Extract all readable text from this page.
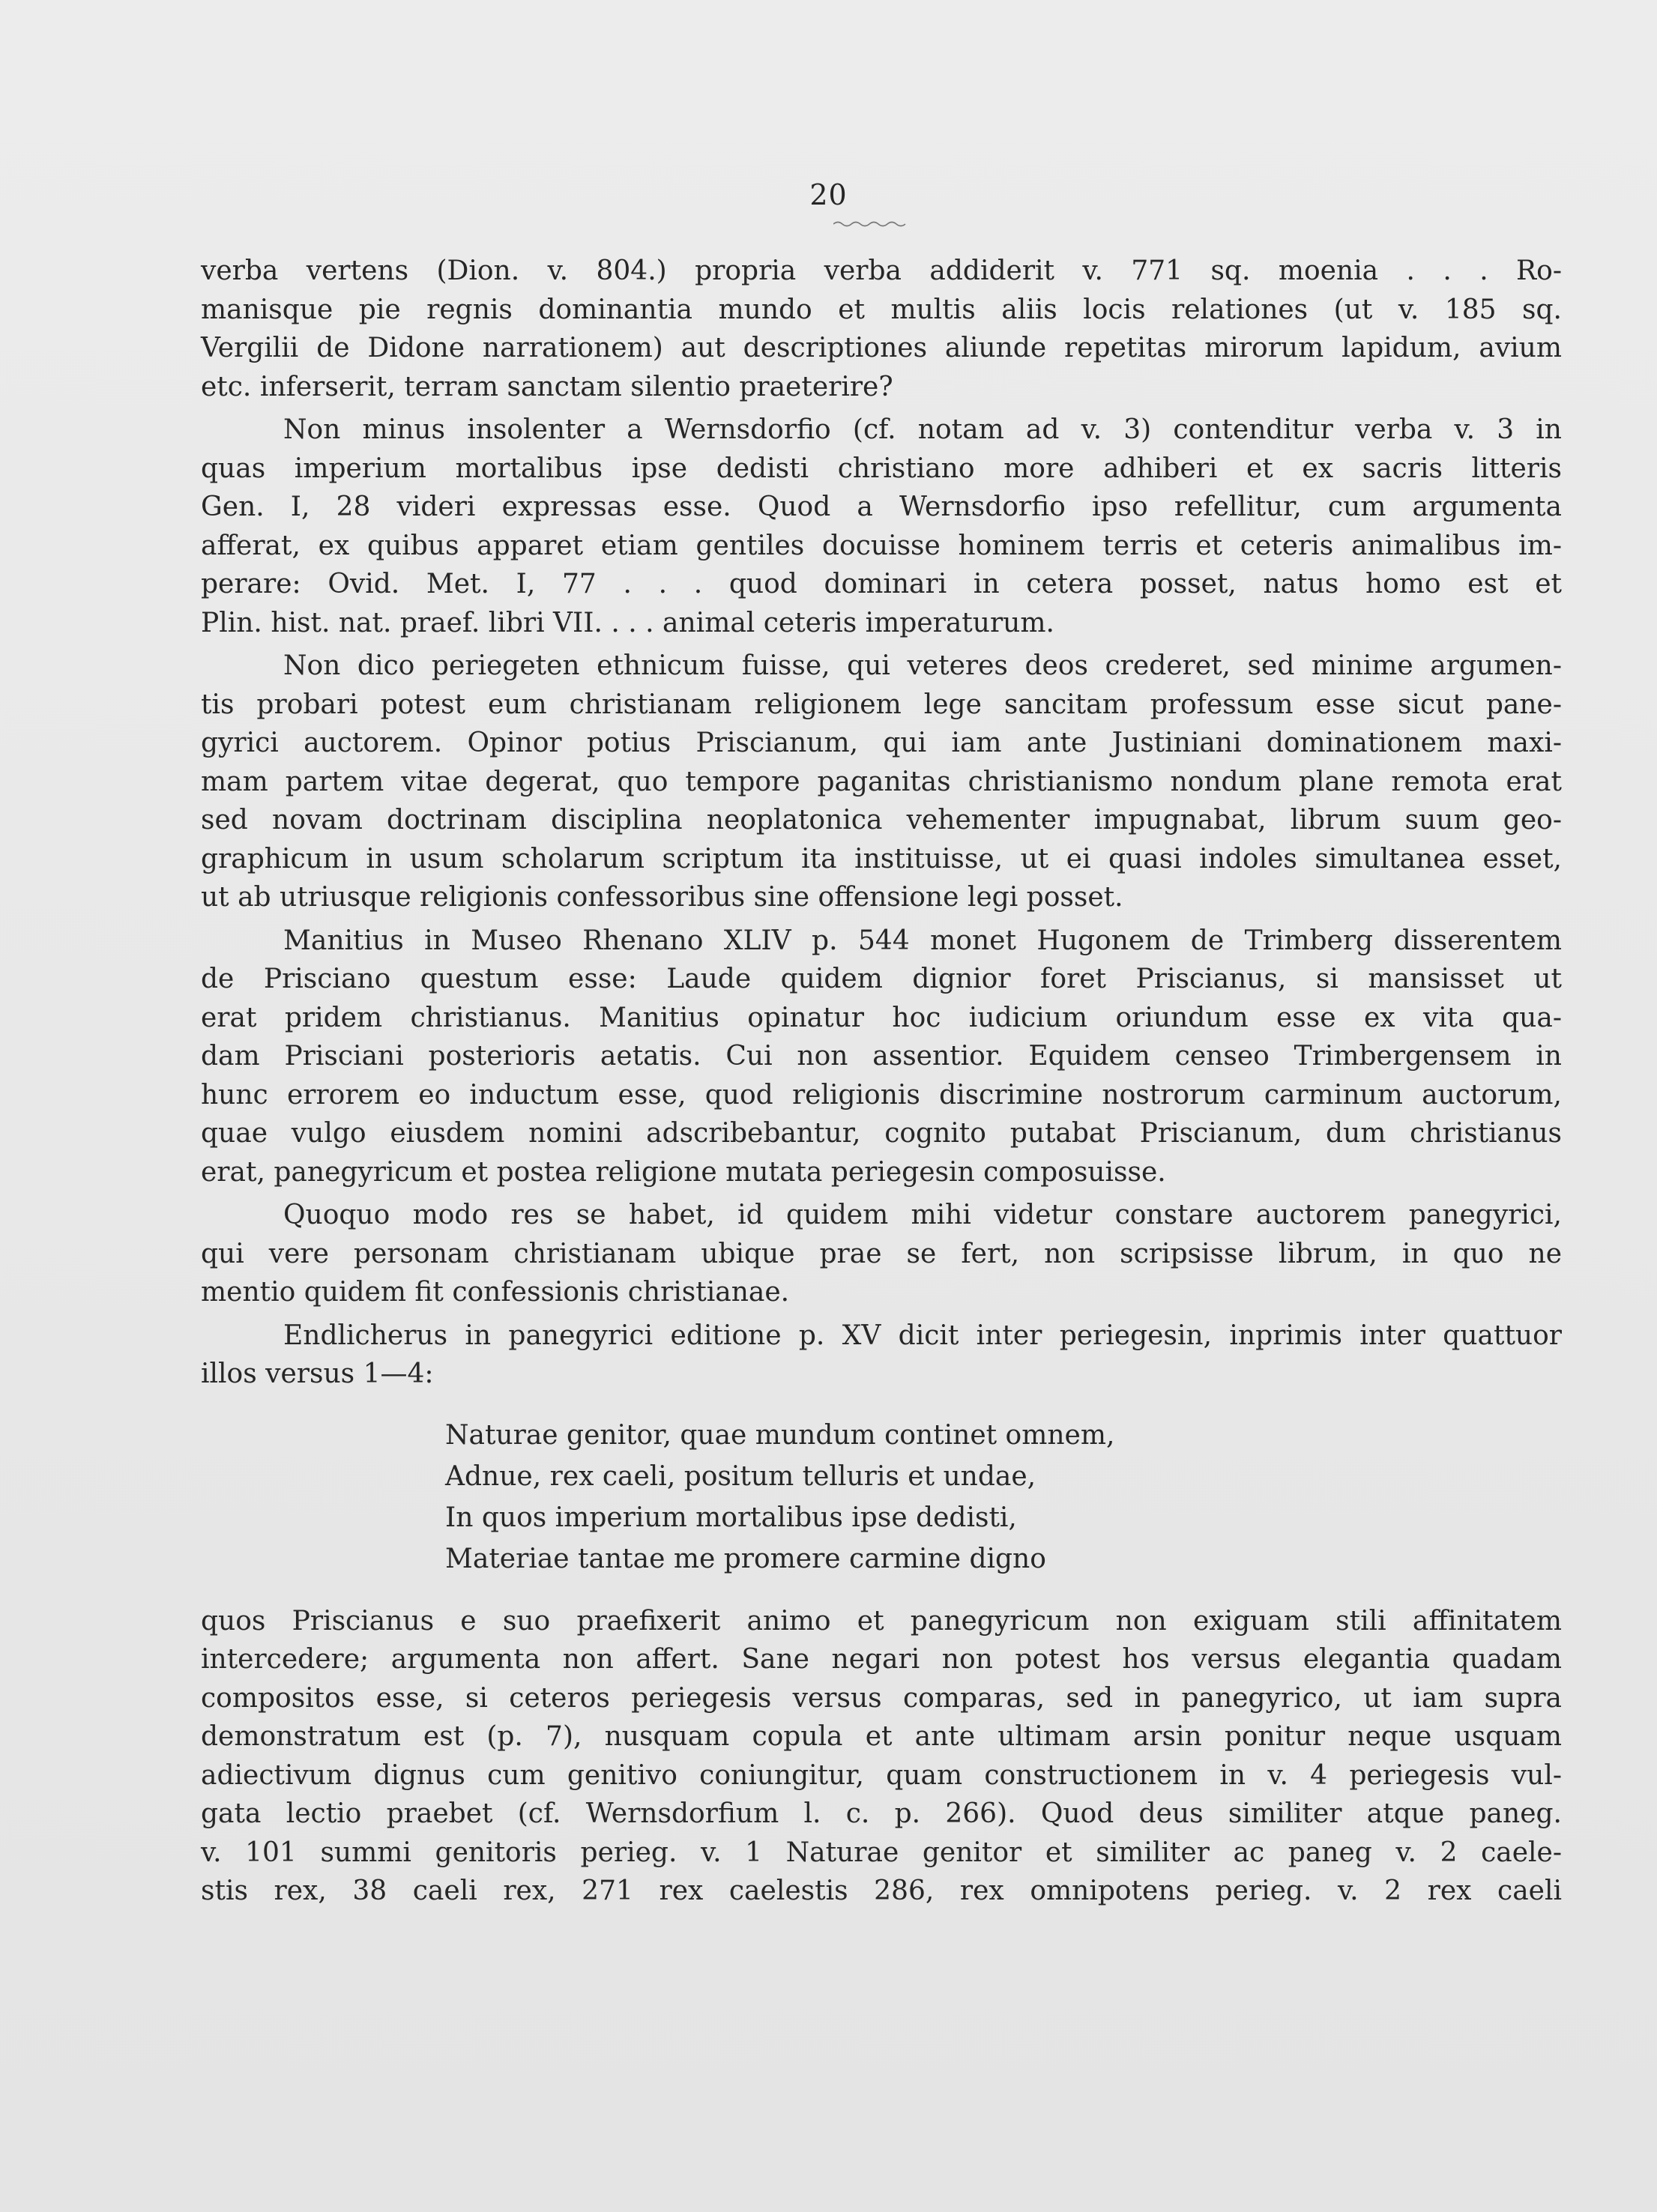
20
verba vertens (Dion. v. 804.) propria verba addiderit v. 771 sq. moenia . . . Ro-
manisque pie regnis dominantia mundo et multis aliis locis relationes (ut v. 185 sq.
Vergilii de Didone narrationem) aut descriptiones aliunde repetitas mirorum lapidum, avium
etc. inferserit, terram sanctam silentio praeterire?
Non minus insolenter a Wernsdorfio (cf. notam ad v. 3) contenditur verba v. 3 in
quas imperium mortalibus ipse dedisti christiano more adhiberi et ex sacris litteris
Gen. I, 28 videri expressas esse. Quod a Wernsdorfio ipso refellitur, cum argumenta
afferat, ex quibus apparet etiam gentiles docuisse hominem terris et ceteris animalibus im-
perare: Ovid. Met. I, 77 . . . quod dominari in cetera posset, natus homo est et
Plin. hist. nat. praef. libri VII. . . . animal ceteris imperaturum.
Non dico periegeten ethnicum fuisse, qui veteres deos crederet, sed minime argumen-
tis probari potest eum christianam religionem lege sancitam professum esse sicut pane-
gyrici auctorem. Opinor potius Priscianum, qui iam ante Justiniani dominationem maxi-
mam partem vitae degerat, quo tempore paganitas christianismo nondum plane remota erat
sed novam doctrinam disciplina neoplatonica vehementer impugnabat, librum suum geo-
graphicum in usum scholarum scriptum ita instituisse, ut ei quasi indoles simultanea esset,
ut ab utriusque religionis confessoribus sine offensione legi posset.
Manitius in Museo Rhenano XLIV p. 544 monet Hugonem de Trimberg disserentem
de Prisciano questum esse: Laude quidem dignior foret Priscianus, si mansisset ut
erat pridem christianus. Manitius opinatur hoc iudicium oriundum esse ex vita qua-
dam Prisciani posterioris aetatis. Cui non assentior. Equidem censeo Trimbergensem in
hunc errorem eo inductum esse, quod religionis discrimine nostrorum carminum auctorum,
quae vulgo eiusdem nomini adscribebantur, cognito putabat Priscianum, dum christianus
erat, panegyricum et postea religione mutata periegesin composuisse.
Quoquo modo res se habet, id quidem mihi videtur constare auctorem panegyrici,
qui vere personam christianam ubique prae se fert, non scripsisse librum, in quo ne
mentio quidem fit confessionis christianae.
Endlicherus in panegyrici editione p. XV dicit inter periegesin, inprimis inter quattuor
illos versus 1—4:
Naturae genitor, quae mundum continet omnem,
Adnue, rex caeli, positum telluris et undae,
In quos imperium mortalibus ipse dedisti,
Materiae tantae me promere carmine digno
quos Priscianus e suo praefixerit animo et panegyricum non exiguam stili affinitatem
intercedere; argumenta non affert. Sane negari non potest hos versus elegantia quadam
compositos esse, si ceteros periegesis versus comparas, sed in panegyrico, ut iam supra
demonstratum est (p. 7), nusquam copula et ante ultimam arsin ponitur neque usquam
adiectivum dignus cum genitivo coniungitur, quam constructionem in v. 4 periegesis vul-
gata lectio praebet (cf. Wernsdorfium l. c. p. 266). Quod deus similiter atque paneg.
v. 101 summi genitoris perieg. v. 1 Naturae genitor et similiter ac paneg v. 2 caele-
stis rex, 38 caeli rex, 271 rex caelestis 286, rex omnipotens perieg. v. 2 rex caeli
